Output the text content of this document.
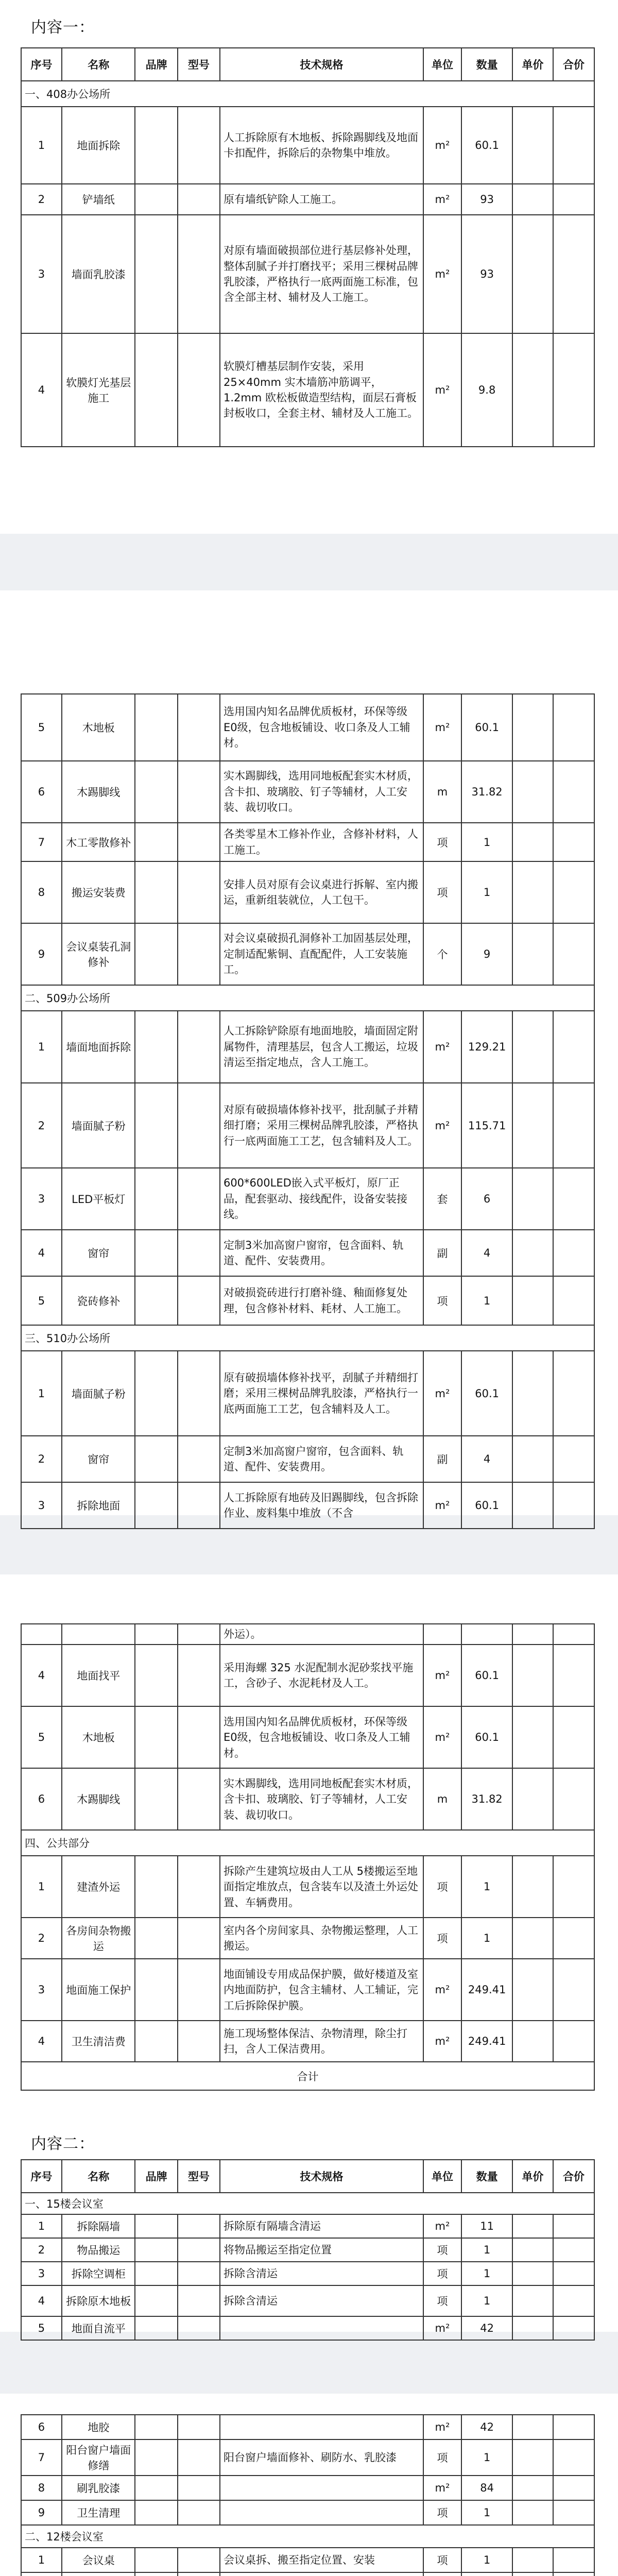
内容一：
序号	名称	品牌	型号	技术规格	单位	数量	单价	合价
一、408办公场所								
1	地面拆除			人工拆除原有木地板、拆除踢脚线及地面卡扣配件，拆除后的杂物集中堆放。	m²	60.1		
2	铲墙纸			原有墙纸铲除人工施工。	m²	93		
3	墙面乳胶漆			对原有墙面破损部位进行基层修补处理，整体刮腻子并打磨找平；采用三棵树品牌乳胶漆，严格执行一底两面施工标准，包含全部主材、辅材及人工施工。	m²	93		
4	软膜灯光基层施工			软膜灯槽基层制作安装，采用 25×40mm 实木墙筋冲筋调平，1.2mm 欧松板做造型结构，面层石膏板封板收口，全套主材、辅材及人工施工。	m²	9.8		
5	木地板			选用国内知名品牌优质板材，环保等级E0级，包含地板铺设、收口条及人工辅材。	m²	60.1		
6	木踢脚线			实木踢脚线，选用同地板配套实木材质，含卡扣、玻璃胶、钉子等辅材，人工安装、裁切收口。	m	31.82		
7	木工零散修补			各类零星木工修补作业，含修补材料，人工施工。	项	1		
8	搬运安装费			安排人员对原有会议桌进行拆解、室内搬运，重新组装就位，人工包干。	项	1		
9	会议桌装孔洞修补			对会议桌破损孔洞修补工加固基层处理，定制适配紫铜、直配配件，人工安装施工。	个	9		
二、509办公场所								
1	墙面地面拆除			人工拆除铲除原有地面地胶，墙面固定附属物件，清理基层，包含人工搬运，垃圾清运至指定地点，含人工施工。	m²	129.21		
2	墙面腻子粉			对原有破损墙体修补找平，批刮腻子并精细打磨；采用三棵树品牌乳胶漆，严格执行一底两面施工工艺，包含辅料及人工。	m²	115.71		
3	LED平板灯			600*600LED嵌入式平板灯，原厂正品，配套驱动、接线配件，设备安装接线。	套	6		
4	窗帘			定制3米加高窗户窗帘，包含面料、轨道、配件、安装费用。	副	4		
5	瓷砖修补			对破损瓷砖进行打磨补缝、釉面修复处理，包含修补材料、耗材、人工施工。	项	1		
三、510办公场所								
1	墙面腻子粉			原有破损墙体修补找平，刮腻子并精细打磨；采用三棵树品牌乳胶漆，严格执行一底两面施工工艺，包含辅料及人工。	m²	60.1		
2	窗帘			定制3米加高窗户窗帘，包含面料、轨道、配件、安装费用。	副	4		
3	拆除地面			人工拆除原有地砖及旧踢脚线，包含拆除作业、废料集中堆放（不含	m²	60.1		
				外运）。				
4	地面找平			采用海螺 325 水泥配制水泥砂浆找平施工，含砂子、水泥耗材及人工。	m²	60.1		
5	木地板			选用国内知名品牌优质板材，环保等级E0级，包含地板铺设、收口条及人工辅材。	m²	60.1		
6	木踢脚线			实木踢脚线，选用同地板配套实木材质，含卡扣、玻璃胶、钉子等辅材，人工安装、裁切收口。	m	31.82		
四、公共部分								
1	建渣外运			拆除产生建筑垃圾由人工从 5楼搬运至地面指定堆放点，包含装车以及渣土外运处置、车辆费用。	项	1		
2	各房间杂物搬运			室内各个房间家具、杂物搬运整理，人工搬运。	项	1		
3	地面施工保护			地面铺设专用成品保护膜，做好楼道及室内地面防护，包含主辅材、人工辅证，完工后拆除保护膜。	m²	249.41		
4	卫生清洁费			施工现场整体保洁、杂物清理，除尘打扫，含人工保洁费用。	m²	249.41		
合计								
内容二：
序号	名称	品牌	型号	技术规格	单位	数量	单价	合价
一、15楼会议室								
1	拆除隔墙			拆除原有隔墙含清运	m²	11		
2	物品搬运			将物品搬运至指定位置	项	1		
3	拆除空调柜			拆除含清运	项	1		
4	拆除原木地板			拆除含清运	项	1		
5	地面自流平				m²	42		
6	地胶				m²	42		
7	阳台窗户墙面修缮			阳台窗户墙面修补、刷防水、乳胶漆	项	1		
8	刷乳胶漆				m²	84		
9	卫生清理				项	1		
二、12楼会议室								
1	会议桌			会议桌拆、搬至指定位置、安装	项	1		
